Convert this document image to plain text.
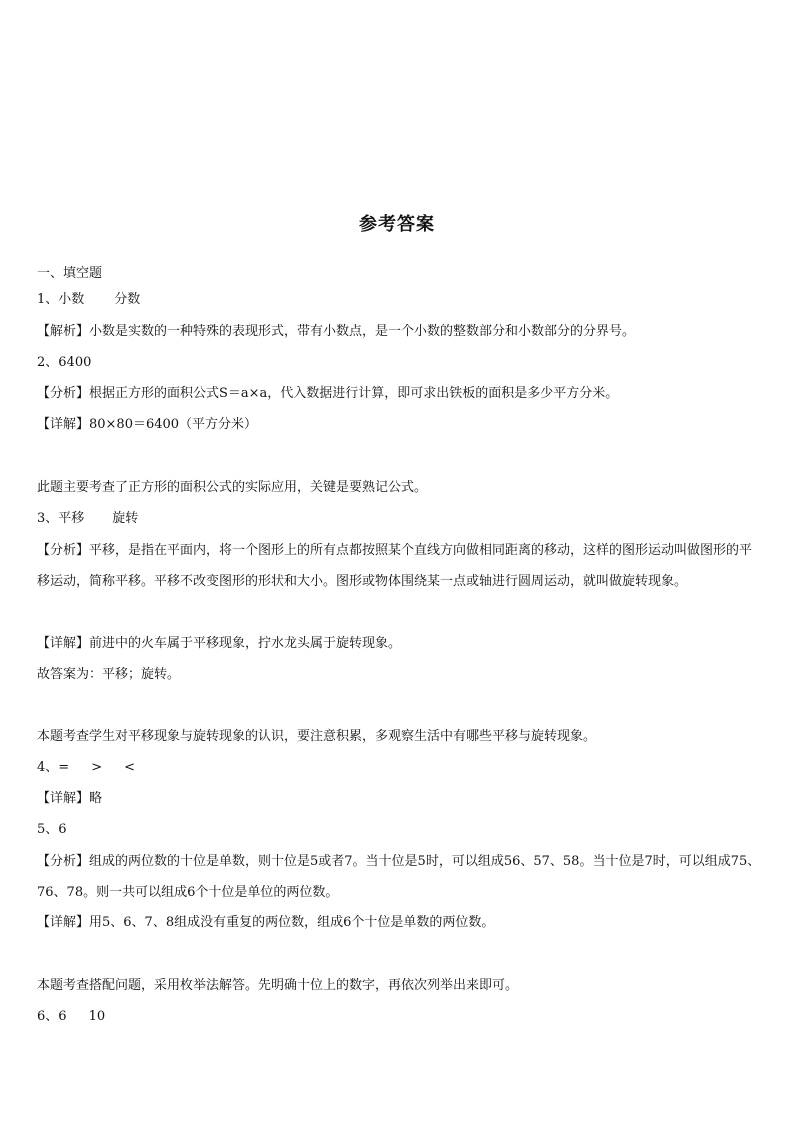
参考答案
一、填空题
1、小数 分数
【解析】小数是实数的一种特殊的表现形式，带有小数点，是一个小数的整数部分和小数部分的分界号。
2、6400
【分析】根据正方形的面积公式S＝a×a，代入数据进行计算，即可求出铁板的面积是多少平方分米。
【详解】80×80＝6400（平方分米）
此题主要考查了正方形的面积公式的实际应用，关键是要熟记公式。
3、平移 旋转
【分析】平移，是指在平面内，将一个图形上的所有点都按照某个直线方向做相同距离的移动，这样的图形运动叫做图形的平移运动，简称平移。平移不改变图形的形状和大小。图形或物体围绕某一点或轴进行圆周运动，就叫做旋转现象。
【详解】前进中的火车属于平移现象，拧水龙头属于旋转现象。
故答案为：平移；旋转。
本题考查学生对平移现象与旋转现象的认识，要注意积累，多观察生活中有哪些平移与旋转现象。
4、= > <
【详解】略
5、6
【分析】组成的两位数的十位是单数，则十位是5或者7。当十位是5时，可以组成56、57、58。当十位是7时，可以组成75、76、78。则一共可以组成6个十位是单位的两位数。
【详解】用5、6、7、8组成没有重复的两位数，组成6个十位是单数的两位数。
本题考查搭配问题，采用枚举法解答。先明确十位上的数字，再依次列举出来即可。
6、6 10
